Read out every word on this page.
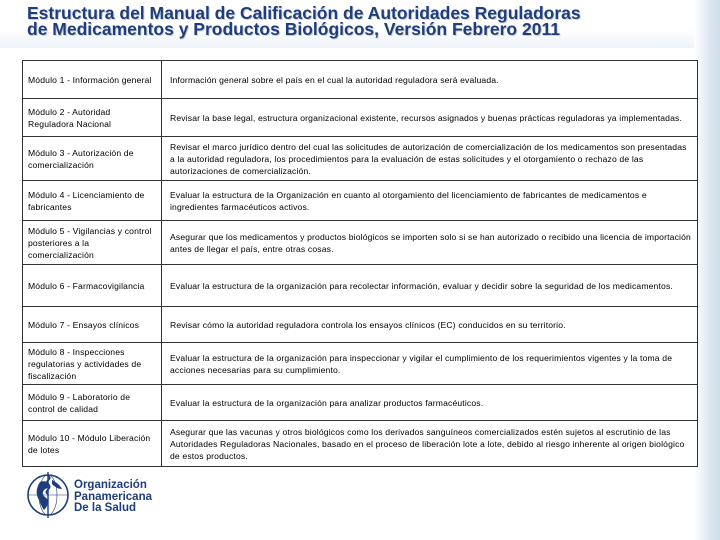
Estructura del Manual de Calificación de Autoridades Reguladoras
de Medicamentos y Productos Biológicos, Versión Febrero 2011
Módulo 1 - Información general	Información general sobre el país en el cual la autoridad reguladora será evaluada.
Módulo 2 - Autoridad Reguladora Nacional	Revisar la base legal, estructura organizacional existente, recursos asignados y buenas prácticas reguladoras ya implementadas.
Módulo 3 - Autorización de comercialización	Revisar el marco jurídico dentro del cual las solicitudes de autorización de comercialización de los medicamentos son presentadas a la autoridad reguladora, los procedimientos para la evaluación de estas solicitudes y el otorgamiento o rechazo de las autorizaciones de comercialización.
Módulo 4 - Licenciamiento de fabricantes	Evaluar la estructura de la Organización en cuanto al otorgamiento del licenciamiento de fabricantes de medicamentos e ingredientes farmacéuticos activos.
Módulo 5 - Vigilancias y control posteriores a la comercialización	Asegurar que los medicamentos y productos biológicos se importen solo si se han autorizado o recibido una licencia de importación antes de llegar el país, entre otras cosas.
Módulo 6 - Farmacovigilancia	Evaluar la estructura de la organización para recolectar información, evaluar y decidir sobre la seguridad de los medicamentos.
Módulo 7 - Ensayos clínicos	Revisar cómo la autoridad reguladora controla los ensayos clínicos (EC) conducidos en su territorio.
Módulo 8 - Inspecciones regulatorias y actividades de fiscalización	Evaluar la estructura de la organización para inspeccionar y vigilar el cumplimiento de los requerimientos vigentes y la toma de acciones necesarias para su cumplimiento.
Módulo 9 - Laboratorio de control de calidad	Evaluar la estructura de la organización para analizar productos farmacéuticos.
Módulo 10 - Módulo Liberación de lotes	Asegurar que las vacunas y otros biológicos como los derivados sanguíneos comercializados estén sujetos al escrutinio de las Autoridades Reguladoras Nacionales, basado en el proceso de liberación lote a lote, debido al riesgo inherente al origen biológico de estos productos.
Organización
Panamericana
De la Salud
